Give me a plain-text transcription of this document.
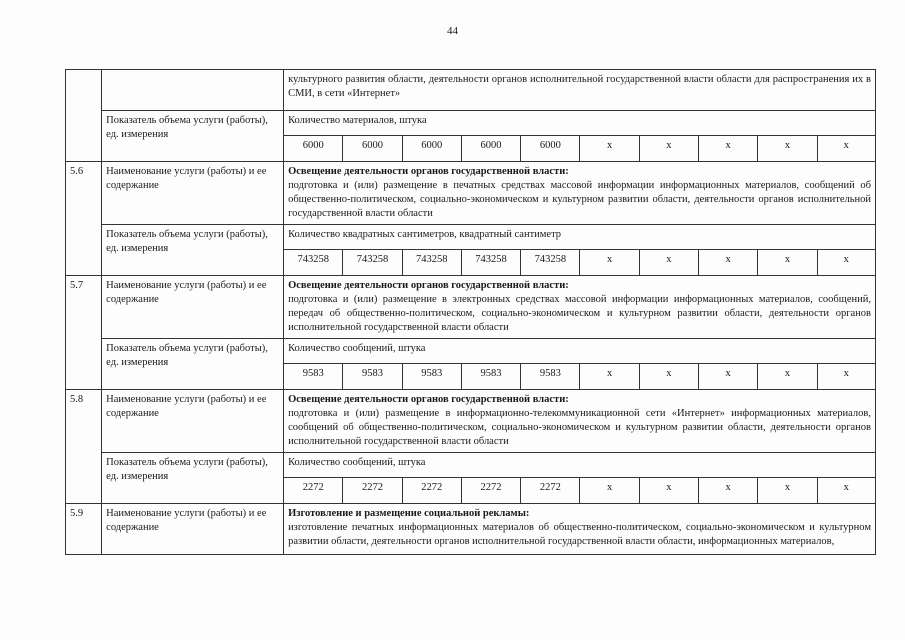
44
		культурного развития области, деятельности органов исполнительной государственной власти области для распространения их в СМИ, в сети «Интернет»									
	Показатель объема услуги (работы), ед. измерения	Количество материалов, штука									
		6000	6000	6000	6000	6000	x	x	x	x	x
5.6	Наименование услуги (работы) и ее содержание	Освещение деятельности органов государственной власти:
подготовка и (или) размещение в печатных средствах массовой информации информационных материалов, сообщений об общественно-политическом, социально-экономическом и культурном развитии области, деятельности органов исполнительной государственной власти области									
	Показатель объема услуги (работы), ед. измерения	Количество квадратных сантиметров, квадратный сантиметр									
		743258	743258	743258	743258	743258	x	x	x	x	x
5.7	Наименование услуги (работы) и ее содержание	Освещение деятельности органов государственной власти:
подготовка и (или) размещение в электронных средствах массовой информации информационных материалов, сообщений, передач об общественно-политическом, социально-экономическом и культурном развитии области, деятельности органов исполнительной государственной власти области									
	Показатель объема услуги (работы), ед. измерения	Количество сообщений, штука									
		9583	9583	9583	9583	9583	x	x	x	x	x
5.8	Наименование услуги (работы) и ее содержание	Освещение деятельности органов государственной власти:
подготовка и (или) размещение в информационно-телекоммуникационной сети «Интернет» информационных материалов, сообщений об общественно-политическом, социально-экономическом и культурном развитии области, деятельности органов исполнительной государственной власти области									
	Показатель объема услуги (работы), ед. измерения	Количество сообщений, штука									
		2272	2272	2272	2272	2272	x	x	x	x	x
5.9	Наименование услуги (работы) и ее содержание	Изготовление и размещение социальной рекламы:
изготовление печатных информационных материалов об общественно-политическом, социально-экономическом и культурном развитии области, деятельности органов исполнительной государственной власти области, информационных материалов,									
